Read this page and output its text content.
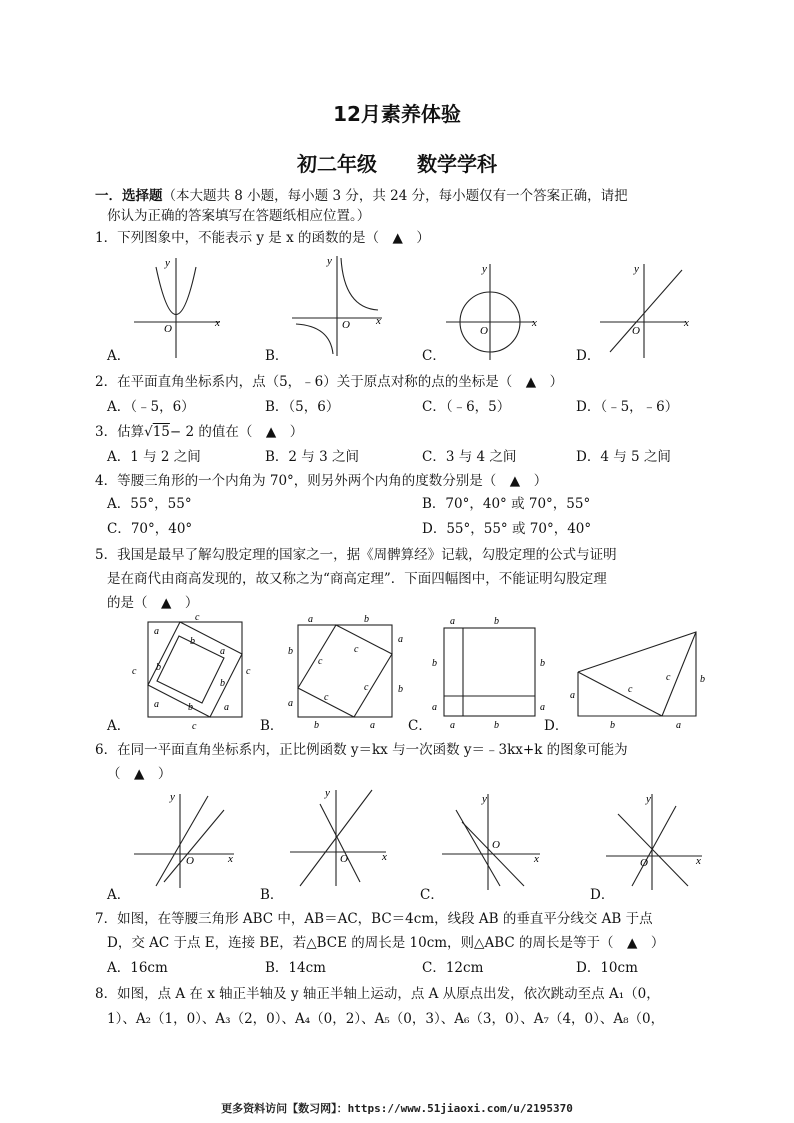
12月素养体验
初二年级　　数学学科
一．选择题（本大题共 8 小题，每小题 3 分，共 24 分，每小题仅有一个答案正确，请把
你认为正确的答案填写在答题纸相应位置。）
1．下列图象中，不能表示 y 是 x 的函数的是（　▲　）
y
x
O
y
x
O
y
x
O
y
x
O
A．	B．	C．	D．
2．在平面直角坐标系内，点（5，﹣6）关于原点对称的点的坐标是（　▲　）
A．（﹣5，6）	B．（5，6）	C．（﹣6，5）	D．（﹣5，﹣6）
3．估算√15− 2 的值在（　▲　）
A．1 与 2 之间	B．2 与 3 之间	C．3 与 4 之间	D．4 与 5 之间
4．等腰三角形的一个内角为 70°，则另外两个内角的度数分别是（　▲　）
A．55°，55°	B．70°，40° 或 70°，55°
C．70°，40°	D．55°，55° 或 70°，40°
5．我国是最早了解勾股定理的国家之一，据《周髀算经》记载，勾股定理的公式与证明
是在商代由商高发现的，故又称之为“商高定理”．下面四幅图中，不能证明勾股定理
的是（　▲　）
c
c	c
c
a
b
a
b
b
a	b	a
a	b
b
a
a
b
b	a
c
c
c
c
a	b
b	b
a	a
a	b
a
c
c	b
b	a
A．	B．	C．	D．
6．在同一平面直角坐标系内，正比例函数 y＝kx 与一次函数 y＝﹣3kx+k 的图象可能为
（　▲　）
y
x
O
y
x
O
y
x
O
y
x
O
A．	B．	C．	D．
7．如图，在等腰三角形 ABC 中，AB＝AC，BC＝4cm，线段 AB 的垂直平分线交 AB 于点
D，交 AC 于点 E，连接 BE，若△BCE 的周长是 10cm，则△ABC 的周长是等于（　▲　）
A．16cm	B．14cm	C．12cm	D．10cm
8．如图，点 A 在 x 轴正半轴及 y 轴正半轴上运动，点 A 从原点出发，依次跳动至点 A₁（0，
1）、A₂（1，0）、A₃（2，0）、A₄（0，2）、A₅（0，3）、A₆（3，0）、A₇（4，0）、A₈（0，
更多资料访问【数习网】：https://www.51jiaoxi.com/u/2195370
